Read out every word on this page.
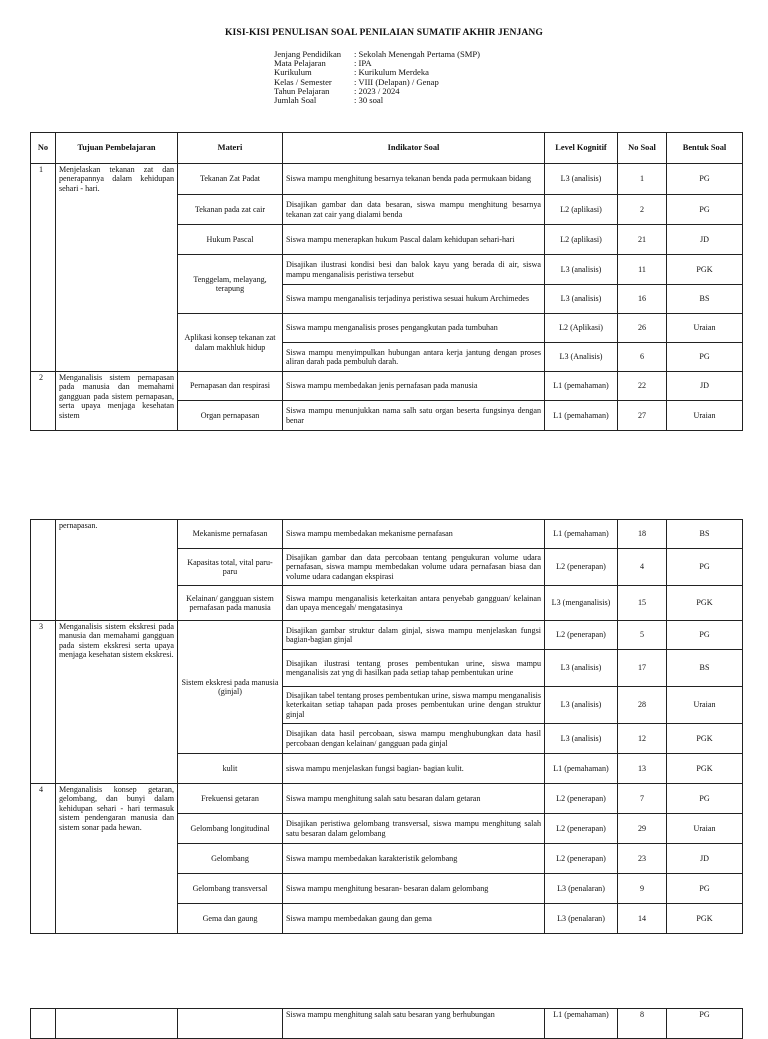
KISI-KISI PENULISAN SOAL PENILAIAN SUMATIF AKHIR JENJANG
Jenjang Pendidikan	: Sekolah Menengah Pertama (SMP)
Mata Pelajaran	: IPA
Kurikulum	: Kurikulum Merdeka
Kelas / Semester	: VIII (Delapan) / Genap
Tahun Pelajaran	: 2023 / 2024
Jumlah Soal	: 30 soal
No	Tujuan Pembelajaran	Materi	Indikator Soal	Level Kognitif	No Soal	Bentuk Soal
1	Menjelaskan tekanan zat dan penerapannya dalam kehidupan sehari - hari.	Tekanan Zat Padat	Siswa mampu menghitung besarnya tekanan benda pada permukaan bidang	L3 (analisis)	1	PG
		Tekanan pada zat cair	Disajikan gambar dan data besaran, siswa mampu menghitung besarnya tekanan zat cair yang dialami benda	L2 (aplikasi)	2	PG
		Hukum Pascal	Siswa mampu menerapkan hukum Pascal dalam kehidupan sehari-hari	L2 (aplikasi)	21	JD
		Tenggelam, melayang, terapung	Disajikan ilustrasi kondisi besi dan balok kayu yang berada di air, siswa mampu menganalisis peristiwa tersebut	L3 (analisis)	11	PGK
			Siswa mampu menganalisis terjadinya peristiwa sesuai hukum Archimedes	L3 (analisis)	16	BS
		Aplikasi konsep tekanan zat dalam makhluk hidup	Siswa mampu menganalisis proses pengangkutan pada tumbuhan	L2 (Aplikasi)	26	Uraian
			Siswa mampu menyimpulkan hubungan antara kerja jantung dengan proses aliran darah pada pembuluh darah.	L3 (Analisis)	6	PG
2	Menganalisis sistem pernapasan pada manusia dan memahami gangguan pada sistem pernapasan, serta upaya menjaga kesehatan sistem	Pernapasan dan respirasi	Siswa mampu membedakan jenis pernafasan pada manusia	L1 (pemahaman)	22	JD
		Organ pernapasan	Siswa mampu menunjukkan nama salh satu organ beserta fungsinya dengan benar	L1 (pemahaman)	27	Uraian
	pernapasan.	Mekanisme pernafasan	Siswa mampu membedakan mekanisme pernafasan	L1 (pemahaman)	18	BS
		Kapasitas total, vital paru-paru	Disajikan gambar dan data percobaan tentang pengukuran volume udara pernafasan, siswa mampu membedakan volume udara pernafasan biasa dan volume udara cadangan ekspirasi	L2 (penerapan)	4	PG
		Kelainan/ gangguan sistem pernafasan pada manusia	Siswa mampu menganalisis keterkaitan antara penyebab gangguan/ kelainan dan upaya mencegah/ mengatasinya	L3 (menganalisis)	15	PGK
3	Menganalisis sistem ekskresi pada manusia dan memahami gangguan pada sistem ekskresi serta upaya menjaga kesehatan sistem ekskresi.	Sistem ekskresi pada manusia (ginjal)	Disajikan gambar struktur dalam ginjal, siswa mampu menjelaskan fungsi bagian-bagian ginjal	L2 (penerapan)	5	PG
			Disajikan ilustrasi tentang proses pembentukan urine, siswa mampu menganalisis zat yng di hasilkan pada setiap tahap pembentukan urine	L3 (analisis)	17	BS
			Disajikan tabel tentang proses pembentukan urine, siswa mampu menganalisis keterkaitan setiap tahapan pada proses pembentukan urine dengan struktur ginjal	L3 (analisis)	28	Uraian
			Disajikan data hasil percobaan, siswa mampu menghubungkan data hasil percobaan dengan kelainan/ gangguan pada ginjal	L3 (analisis)	12	PGK
		kulit	siswa mampu menjelaskan fungsi bagian- bagian kulit.	L1 (pemahaman)	13	PGK
4	Menganalisis konsep getaran, gelombang, dan bunyi dalam kehidupan sehari - hari termasuk sistem pendengaran manusia dan sistem sonar pada hewan.	Frekuensi getaran	Siswa mampu menghitung salah satu besaran dalam getaran	L2 (penerapan)	7	PG
		Gelombang longitudinal	Disajikan peristiwa gelombang transversal, siswa mampu menghitung salah satu besaran dalam gelombang	L2 (penerapan)	29	Uraian
		Gelombang	Siswa mampu membedakan karakteristik gelombang	L2 (penerapan)	23	JD
		Gelombang transversal	Siswa mampu menghitung besaran- besaran dalam gelombang	L3 (penalaran)	9	PG
		Gema dan gaung	Siswa mampu membedakan gaung dan gema	L3 (penalaran)	14	PGK
			Siswa mampu menghitung salah satu besaran yang berhubungan	L1 (pemahaman)	8	PG
